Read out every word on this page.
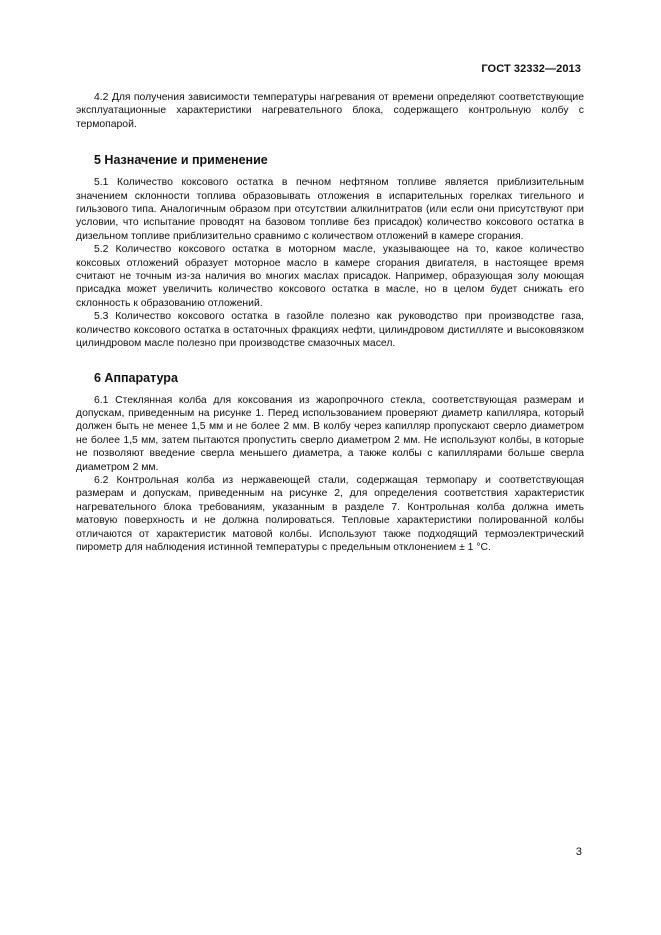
ГОСТ 32332—2013

4.2 Для получения зависимости температуры нагревания от времени определяют соответствующие эксплуатационные характеристики нагревательного блока, содержащего контрольную колбу с термопарой.

5 Назначение и применение

5.1 Количество коксового остатка в печном нефтяном топливе является приблизительным значением склонности топлива образовывать отложения в испарительных горелках тигельного и гильзового типа. Аналогичным образом при отсутствии алкилнитратов (или если они присутствуют при условии, что испытание проводят на базовом топливе без присадок) количество коксового остатка в дизельном топливе приблизительно сравнимо с количеством отложений в камере сгорания.

5.2 Количество коксового остатка в моторном масле, указывающее на то, какое количество коксовых отложений образует моторное масло в камере сгорания двигателя, в настоящее время считают не точным из-за наличия во многих маслах присадок. Например, образующая золу моющая присадка может увеличить количество коксового остатка в масле, но в целом будет снижать его склонность к образованию отложений.

5.3 Количество коксового остатка в газойле полезно как руководство при производстве газа, количество коксового остатка в остаточных фракциях нефти, цилиндровом дистилляте и высоковязком цилиндровом масле полезно при производстве смазочных масел.

6 Аппаратура

6.1 Стеклянная колба для коксования из жаропрочного стекла, соответствующая размерам и допускам, приведенным на рисунке 1. Перед использованием проверяют диаметр капилляра, который должен быть не менее 1,5 мм и не более 2 мм. В колбу через капилляр пропускают сверло диаметром не более 1,5 мм, затем пытаются пропустить сверло диаметром 2 мм. Не используют колбы, в которые не позволяют введение сверла меньшего диаметра, а также колбы с капиллярами больше сверла диаметром 2 мм.

6.2 Контрольная колба из нержавеющей стали, содержащая термопару и соответствующая размерам и допускам, приведенным на рисунке 2, для определения соответствия характеристик нагревательного блока требованиям, указанным в разделе 7. Контрольная колба должна иметь матовую поверхность и не должна полироваться. Тепловые характеристики полированной колбы отличаются от характеристик матовой колбы. Используют также подходящий термоэлектрический пирометр для наблюдения истинной температуры с предельным отклонением ± 1 °С.

3
